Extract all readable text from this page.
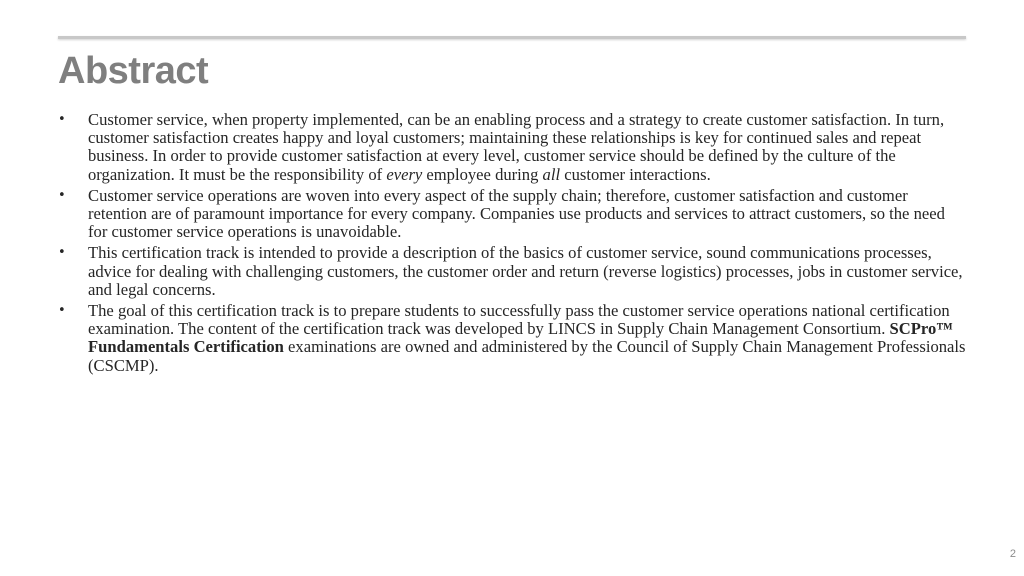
Abstract
• Customer service, when property implemented, can be an enabling process and a strategy to create customer satisfaction. In turn, customer satisfaction creates happy and loyal customers; maintaining these relationships is key for continued sales and repeat business. In order to provide customer satisfaction at every level, customer service should be defined by the culture of the organization. It must be the responsibility of every employee during all customer interactions.
• Customer service operations are woven into every aspect of the supply chain; therefore, customer satisfaction and customer retention are of paramount importance for every company. Companies use products and services to attract customers, so the need for customer service operations is unavoidable.
• This certification track is intended to provide a description of the basics of customer service, sound communications processes, advice for dealing with challenging customers, the customer order and return (reverse logistics) processes, jobs in customer service, and legal concerns.
• The goal of this certification track is to prepare students to successfully pass the customer service operations national certification examination. The content of the certification track was developed by LINCS in Supply Chain Management Consortium. SCPro™ Fundamentals Certification examinations are owned and administered by the Council of Supply Chain Management Professionals (CSCMP).
2
